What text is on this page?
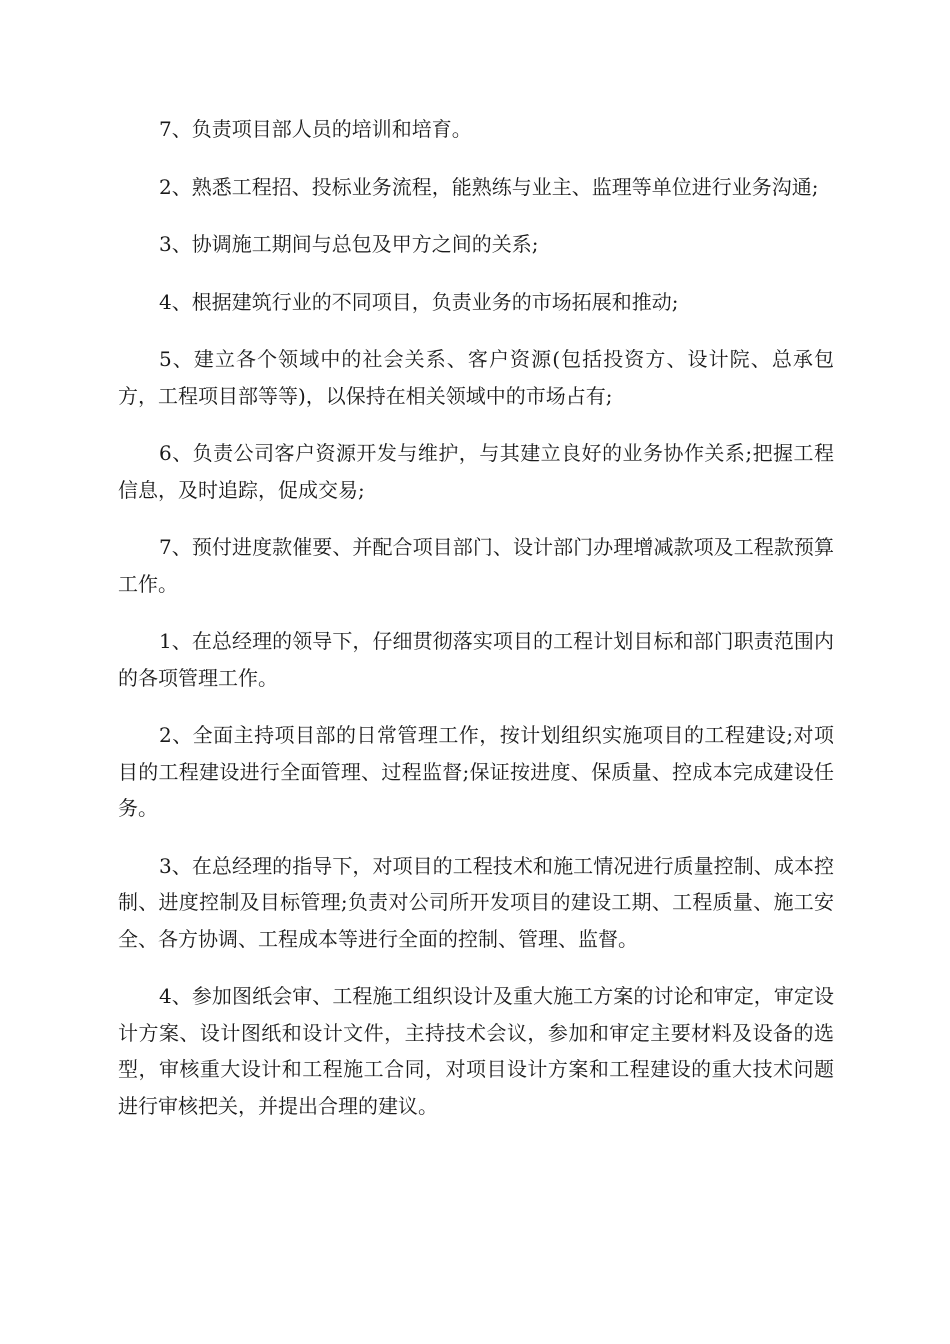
7、负责项目部人员的培训和培育。

2、熟悉工程招、投标业务流程，能熟练与业主、监理等单位进行业务沟通;

3、协调施工期间与总包及甲方之间的关系;

4、根据建筑行业的不同项目，负责业务的市场拓展和推动;

5、建立各个领域中的社会关系、客户资源(包括投资方、设计院、总承包方，工程项目部等等)，以保持在相关领域中的市场占有;

6、负责公司客户资源开发与维护，与其建立良好的业务协作关系;把握工程信息，及时追踪，促成交易;

7、预付进度款催要、并配合项目部门、设计部门办理增减款项及工程款预算工作。

1、在总经理的领导下，仔细贯彻落实项目的工程计划目标和部门职责范围内的各项管理工作。

2、全面主持项目部的日常管理工作，按计划组织实施项目的工程建设;对项目的工程建设进行全面管理、过程监督;保证按进度、保质量、控成本完成建设任务。

3、在总经理的指导下，对项目的工程技术和施工情况进行质量控制、成本控制、进度控制及目标管理;负责对公司所开发项目的建设工期、工程质量、施工安全、各方协调、工程成本等进行全面的控制、管理、监督。

4、参加图纸会审、工程施工组织设计及重大施工方案的讨论和审定，审定设计方案、设计图纸和设计文件，主持技术会议，参加和审定主要材料及设备的选型，审核重大设计和工程施工合同，对项目设计方案和工程建设的重大技术问题进行审核把关，并提出合理的建议。
